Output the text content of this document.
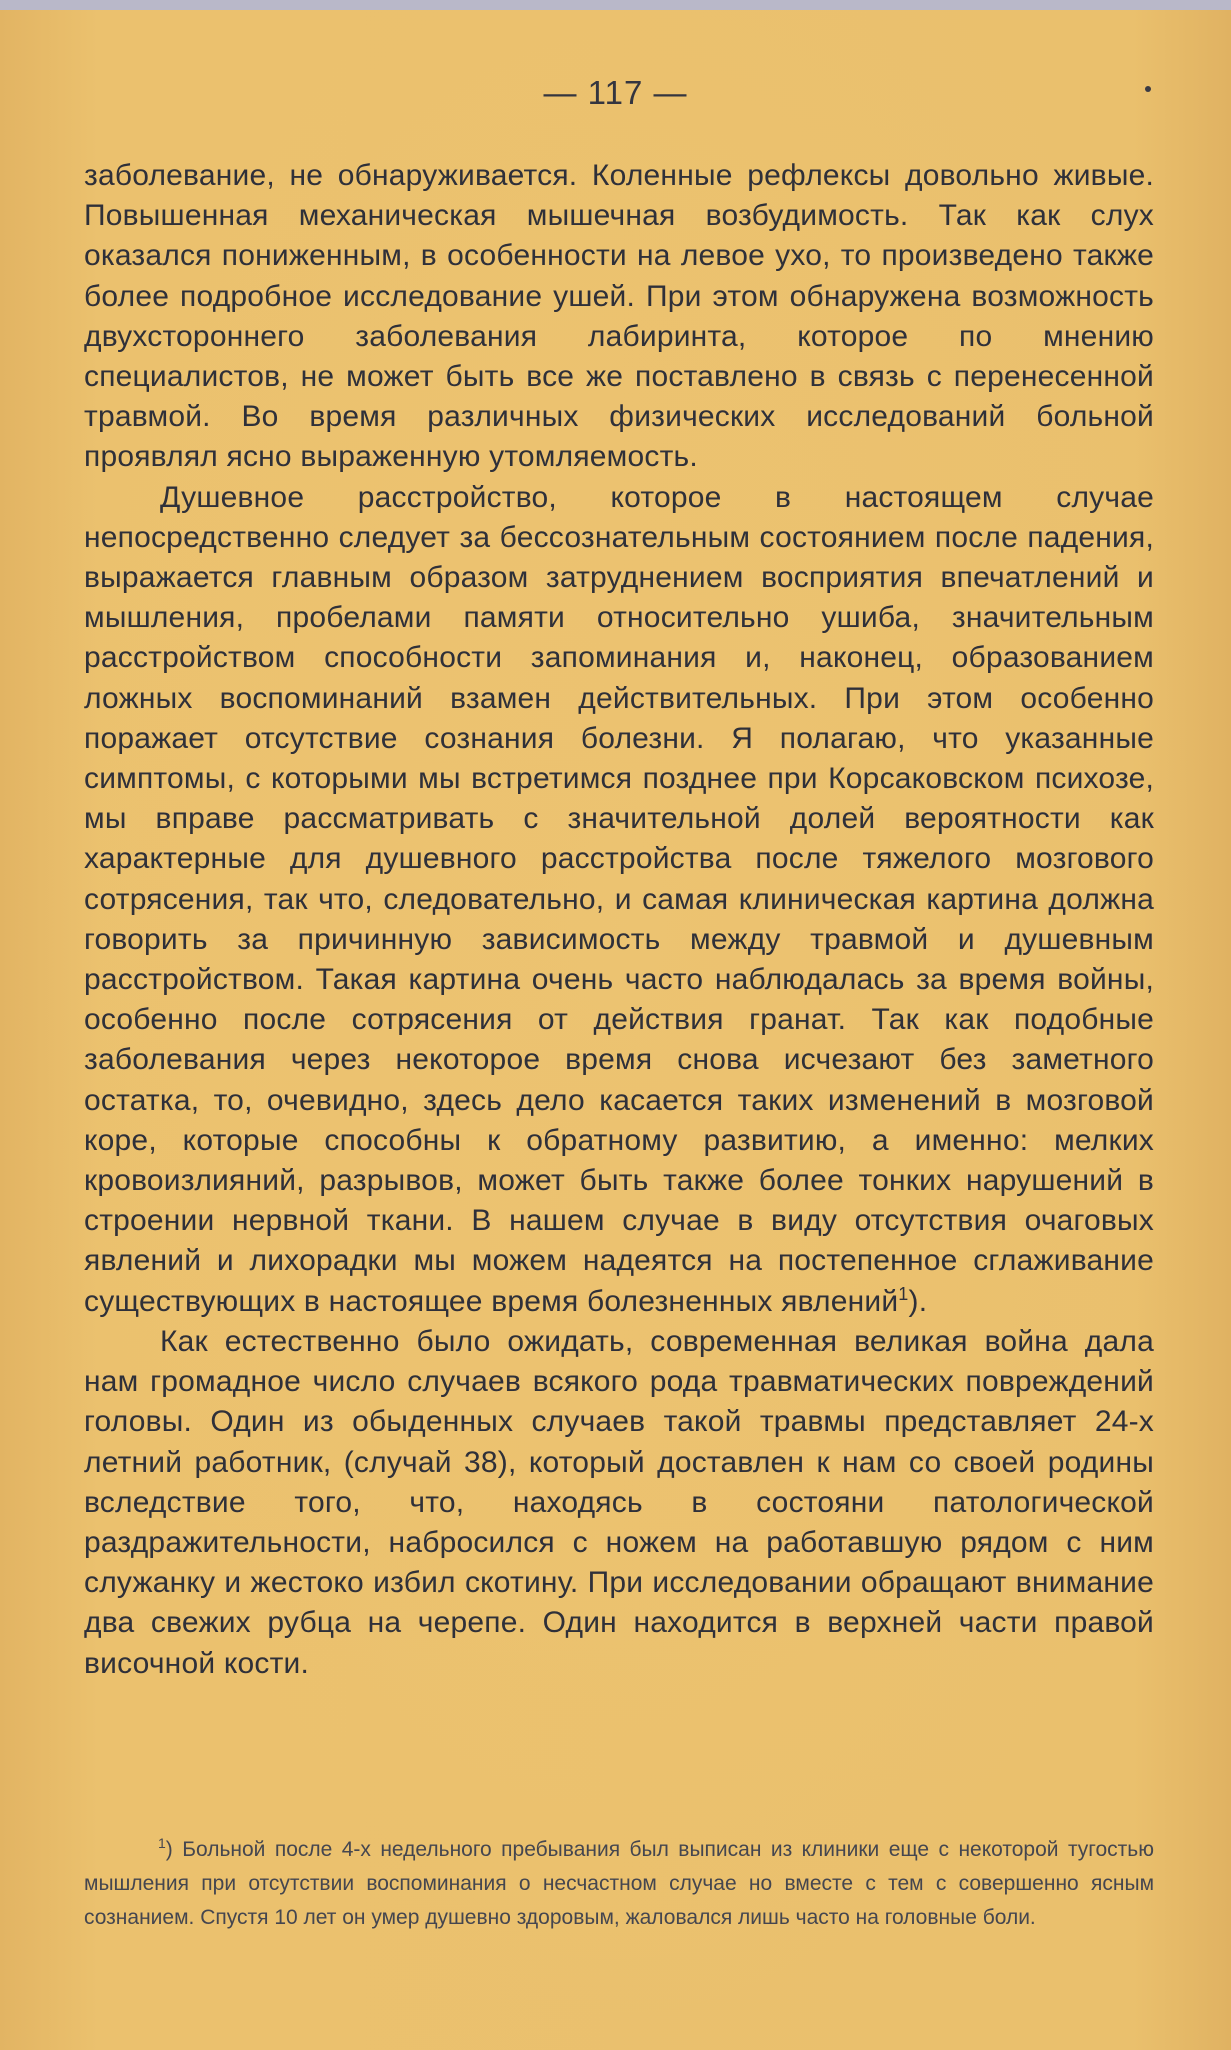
— 117 —

заболевание, не обнаруживается. Коленные рефлексы довольно живые. Повышенная механическая мышечная возбудимость. Так как слух оказался пониженным, в особенности на левое ухо, то произведено также более подробное исследование ушей. При этом обнаружена возможность двухстороннего заболевания лабиринта, которое по мнению специалистов, не может быть все же поставлено в связь с перенесенной травмой. Во время различных физических исследований больной проявлял ясно выраженную утомляемость.

Душевное расстройство, которое в настоящем случае непосредственно следует за бессознательным состоянием после падения, выражается главным образом затруднением восприятия впечатлений и мышления, пробелами памяти относительно ушиба, значительным расстройством способности запоминания и, наконец, образованием ложных воспоминаний взамен действительных. При этом особенно поражает отсутствие сознания болезни. Я полагаю, что указанные симптомы, с которыми мы встретимся позднее при Корсаковском психозе, мы вправе рассматривать с значительной долей вероятности как характерные для душевного расстройства после тяжелого мозгового сотрясения, так что, следовательно, и самая клиническая картина должна говорить за причинную зависимость между травмой и душевным расстройством. Такая картина очень часто наблюдалась за время войны, особенно после сотрясения от действия гранат. Так как подобные заболевания через некоторое время снова исчезают без заметного остатка, то, очевидно, здесь дело касается таких изменений в мозговой коре, которые способны к обратному развитию, а именно: мелких кровоизлияний, разрывов, может быть также более тонких нарушений в строении нервной ткани. В нашем случае в виду отсутствия очаговых явлений и лихорадки мы можем надеятся на постепенное сглаживание существующих в настоящее время болезненных явлений$^1$).

Как естественно было ожидать, современная великая война дала нам громадное число случаев всякого рода травматических повреждений головы. Один из обыденных случаев такой травмы представляет 24-х летний работник, (случай 38), который доставлен к нам со своей родины вследствие того, что, находясь в состояни патологической раздражительности, набросился с ножем на работавшую рядом с ним служанку и жестоко избил скотину. При исследовании обращают внимание два свежих рубца на черепе. Один находится в верхней части правой височной кости.

$^1$) Больной после 4-х недельного пребывания был выписан из клиники еще с некоторой тугостью мышления при отсутствии воспоминания о несчастном случае но вместе с тем с совершенно ясным сознанием. Спустя 10 лет он умер душевно здоровым, жаловался лишь часто на головные боли.
